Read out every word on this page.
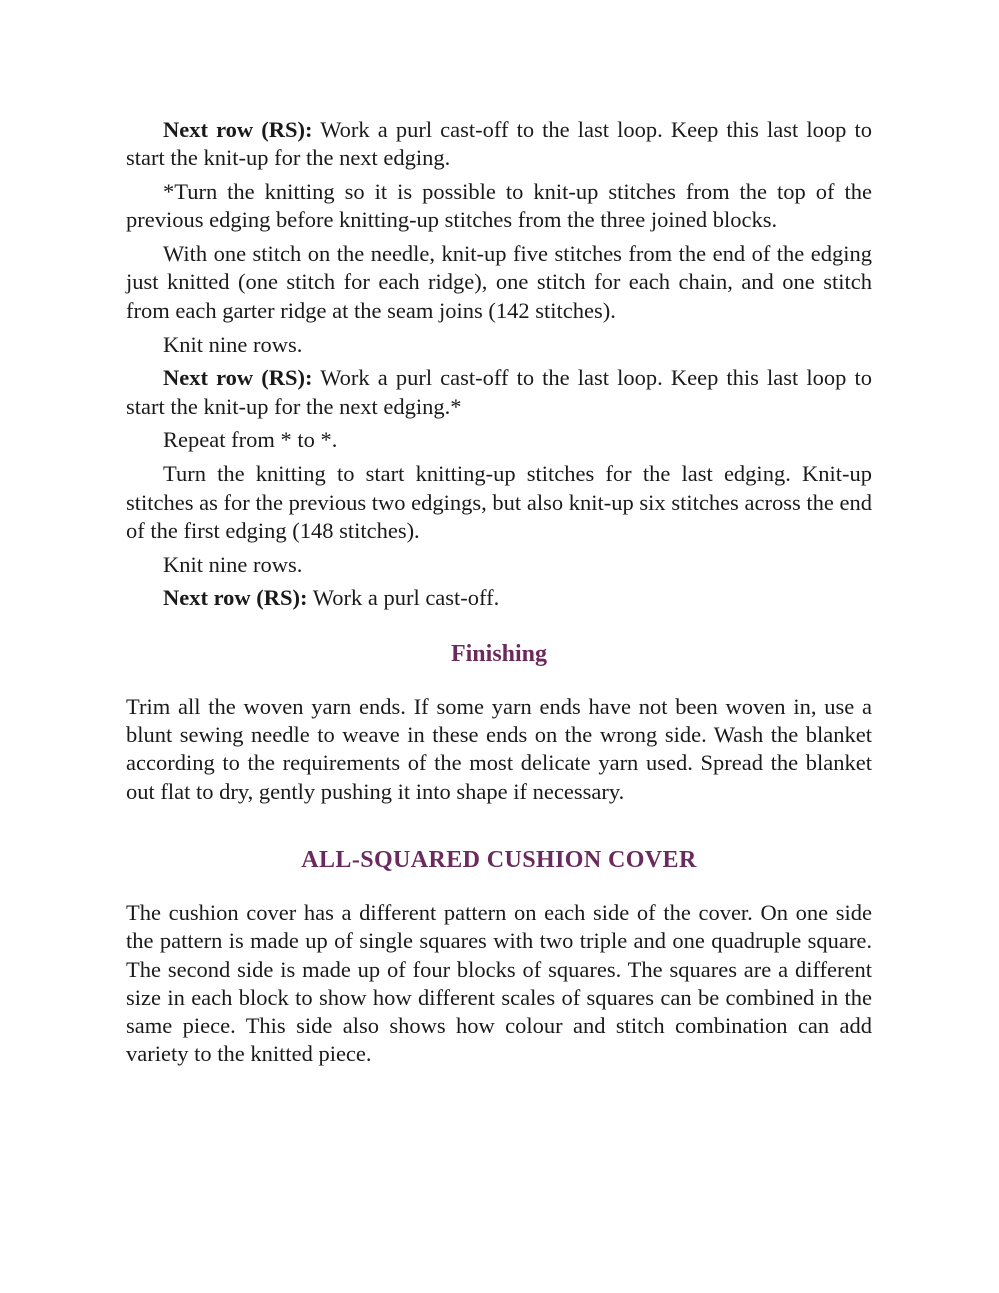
Next row (RS): Work a purl cast-off to the last loop. Keep this last loop to start the knit-up for the next edging.

*Turn the knitting so it is possible to knit-up stitches from the top of the previous edging before knitting-up stitches from the three joined blocks.

With one stitch on the needle, knit-up five stitches from the end of the edging just knitted (one stitch for each ridge), one stitch for each chain, and one stitch from each garter ridge at the seam joins (142 stitches).

Knit nine rows.

Next row (RS): Work a purl cast-off to the last loop. Keep this last loop to start the knit-up for the next edging.*

Repeat from * to *.

Turn the knitting to start knitting-up stitches for the last edging. Knit-up stitches as for the previous two edgings, but also knit-up six stitches across the end of the first edging (148 stitches).

Knit nine rows.

Next row (RS): Work a purl cast-off.

Finishing

Trim all the woven yarn ends. If some yarn ends have not been woven in, use a blunt sewing needle to weave in these ends on the wrong side. Wash the blanket according to the requirements of the most delicate yarn used. Spread the blanket out flat to dry, gently pushing it into shape if necessary.

ALL-SQUARED CUSHION COVER

The cushion cover has a different pattern on each side of the cover. On one side the pattern is made up of single squares with two triple and one quadruple square. The second side is made up of four blocks of squares. The squares are a different size in each block to show how different scales of squares can be combined in the same piece. This side also shows how colour and stitch combination can add variety to the knitted piece.
